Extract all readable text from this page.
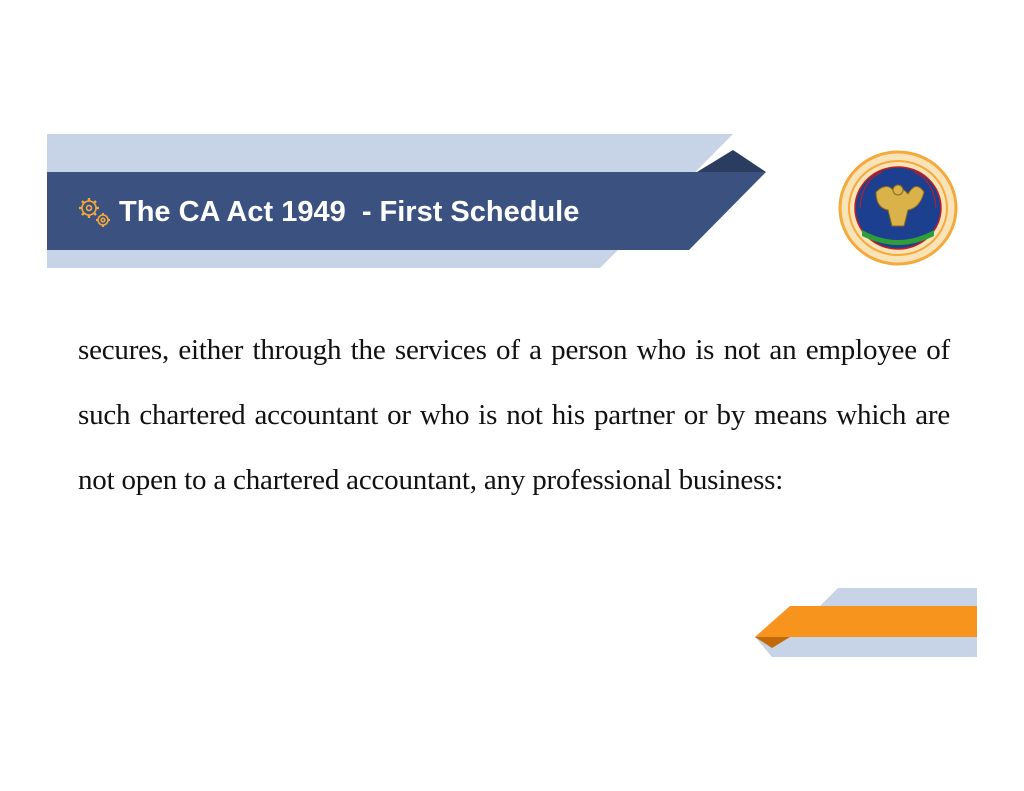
The CA Act 1949  - First Schedule
secures, either through the services of a person who is not an employee of such chartered accountant or who is not his partner or by means which are not open to a chartered accountant, any professional business:
